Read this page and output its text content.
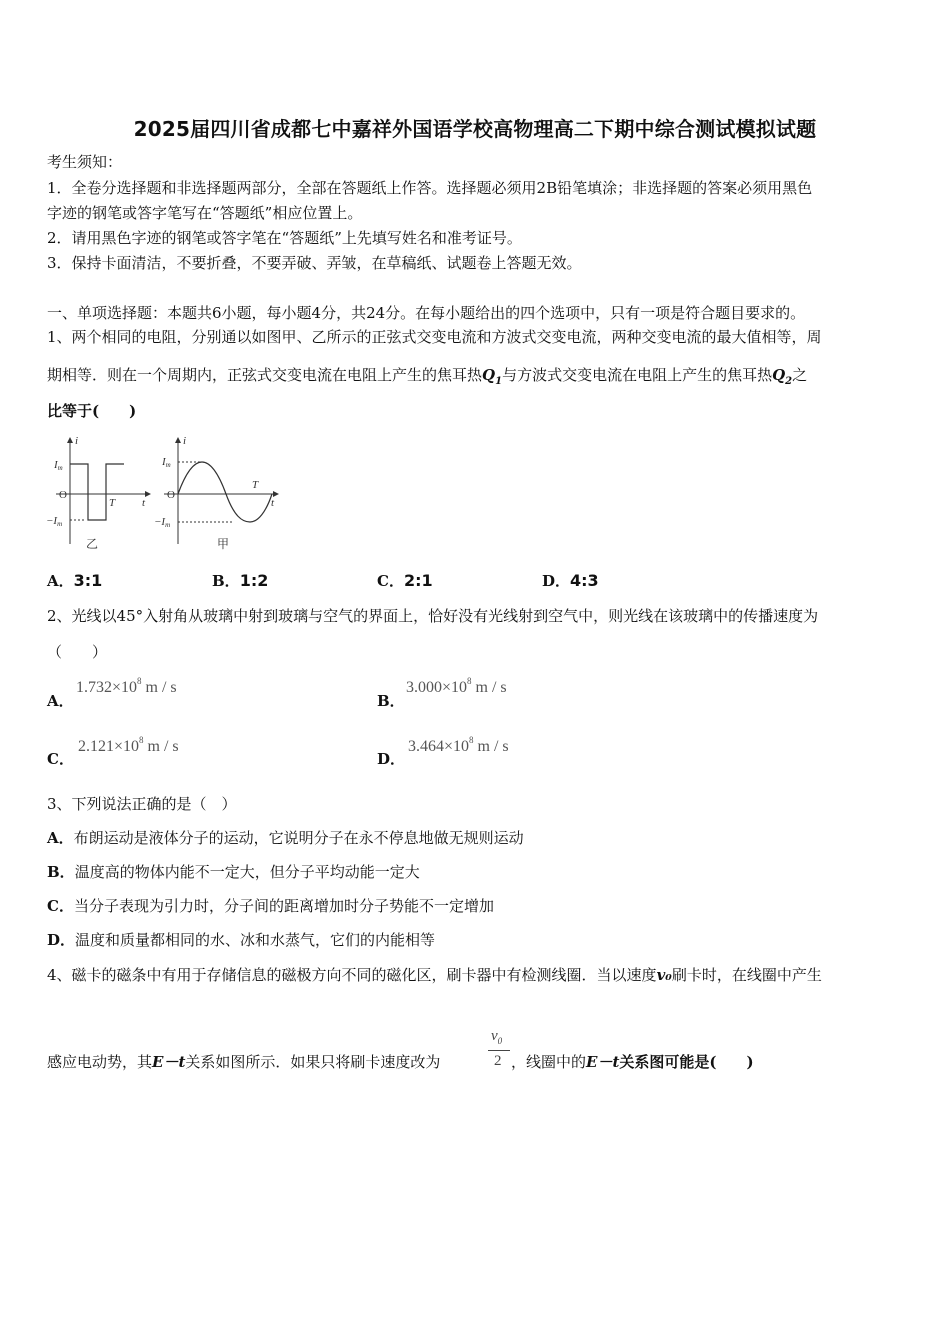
2025届四川省成都七中嘉祥外国语学校高物理高二下期中综合测试模拟试题
考生须知：
1．全卷分选择题和非选择题两部分，全部在答题纸上作答。选择题必须用2B铅笔填涂；非选择题的答案必须用黑色
字迹的钢笔或答字笔写在“答题纸”相应位置上。
2．请用黑色字迹的钢笔或答字笔在“答题纸”上先填写姓名和准考证号。
3．保持卡面清洁，不要折叠，不要弄破、弄皱，在草稿纸、试题卷上答题无效。
一、单项选择题：本题共6小题，每小题4分，共24分。在每小题给出的四个选项中，只有一项是符合题目要求的。
1、两个相同的电阻，分别通以如图甲、乙所示的正弦式交变电流和方波式交变电流，两种交变电流的最大值相等，周
期相等．则在一个周期内，正弦式交变电流在电阻上产生的焦耳热$Q_1$与方波式交变电流在电阻上产生的焦耳热$Q_2$之
比等于(　　)
i
t
O
Im
−Im
T
乙
i
t
O
Im
−Im
T
甲
A．3:1	B．1:2	C．2:1	D．4:3
2、光线以45°入射角从玻璃中射到玻璃与空气的界面上，恰好没有光线射到空气中，则光线在该玻璃中的传播速度为
（　　）
A．
$1.732\times 10^8$ m / s
B．
$3.000\times 10^8$ m / s
C．
$2.121\times 10^8$ m / s
D．
$3.464\times 10^8$ m / s
3、下列说法正确的是（　）
A．布朗运动是液体分子的运动，它说明分子在永不停息地做无规则运动
B．温度高的物体内能不一定大，但分子平均动能一定大
C．当分子表现为引力时，分子间的距离增加时分子势能不一定增加
D．温度和质量都相同的水、冰和水蒸气，它们的内能相等
4、磁卡的磁条中有用于存储信息的磁极方向不同的磁化区，刷卡器中有检测线圈．当以速度v₀刷卡时，在线圈中产生
感应电动势，其E－t关系如图所示．如果只将刷卡速度改为
$v_0$
2 ，线圈中的E－t关系图可能是(　　)
